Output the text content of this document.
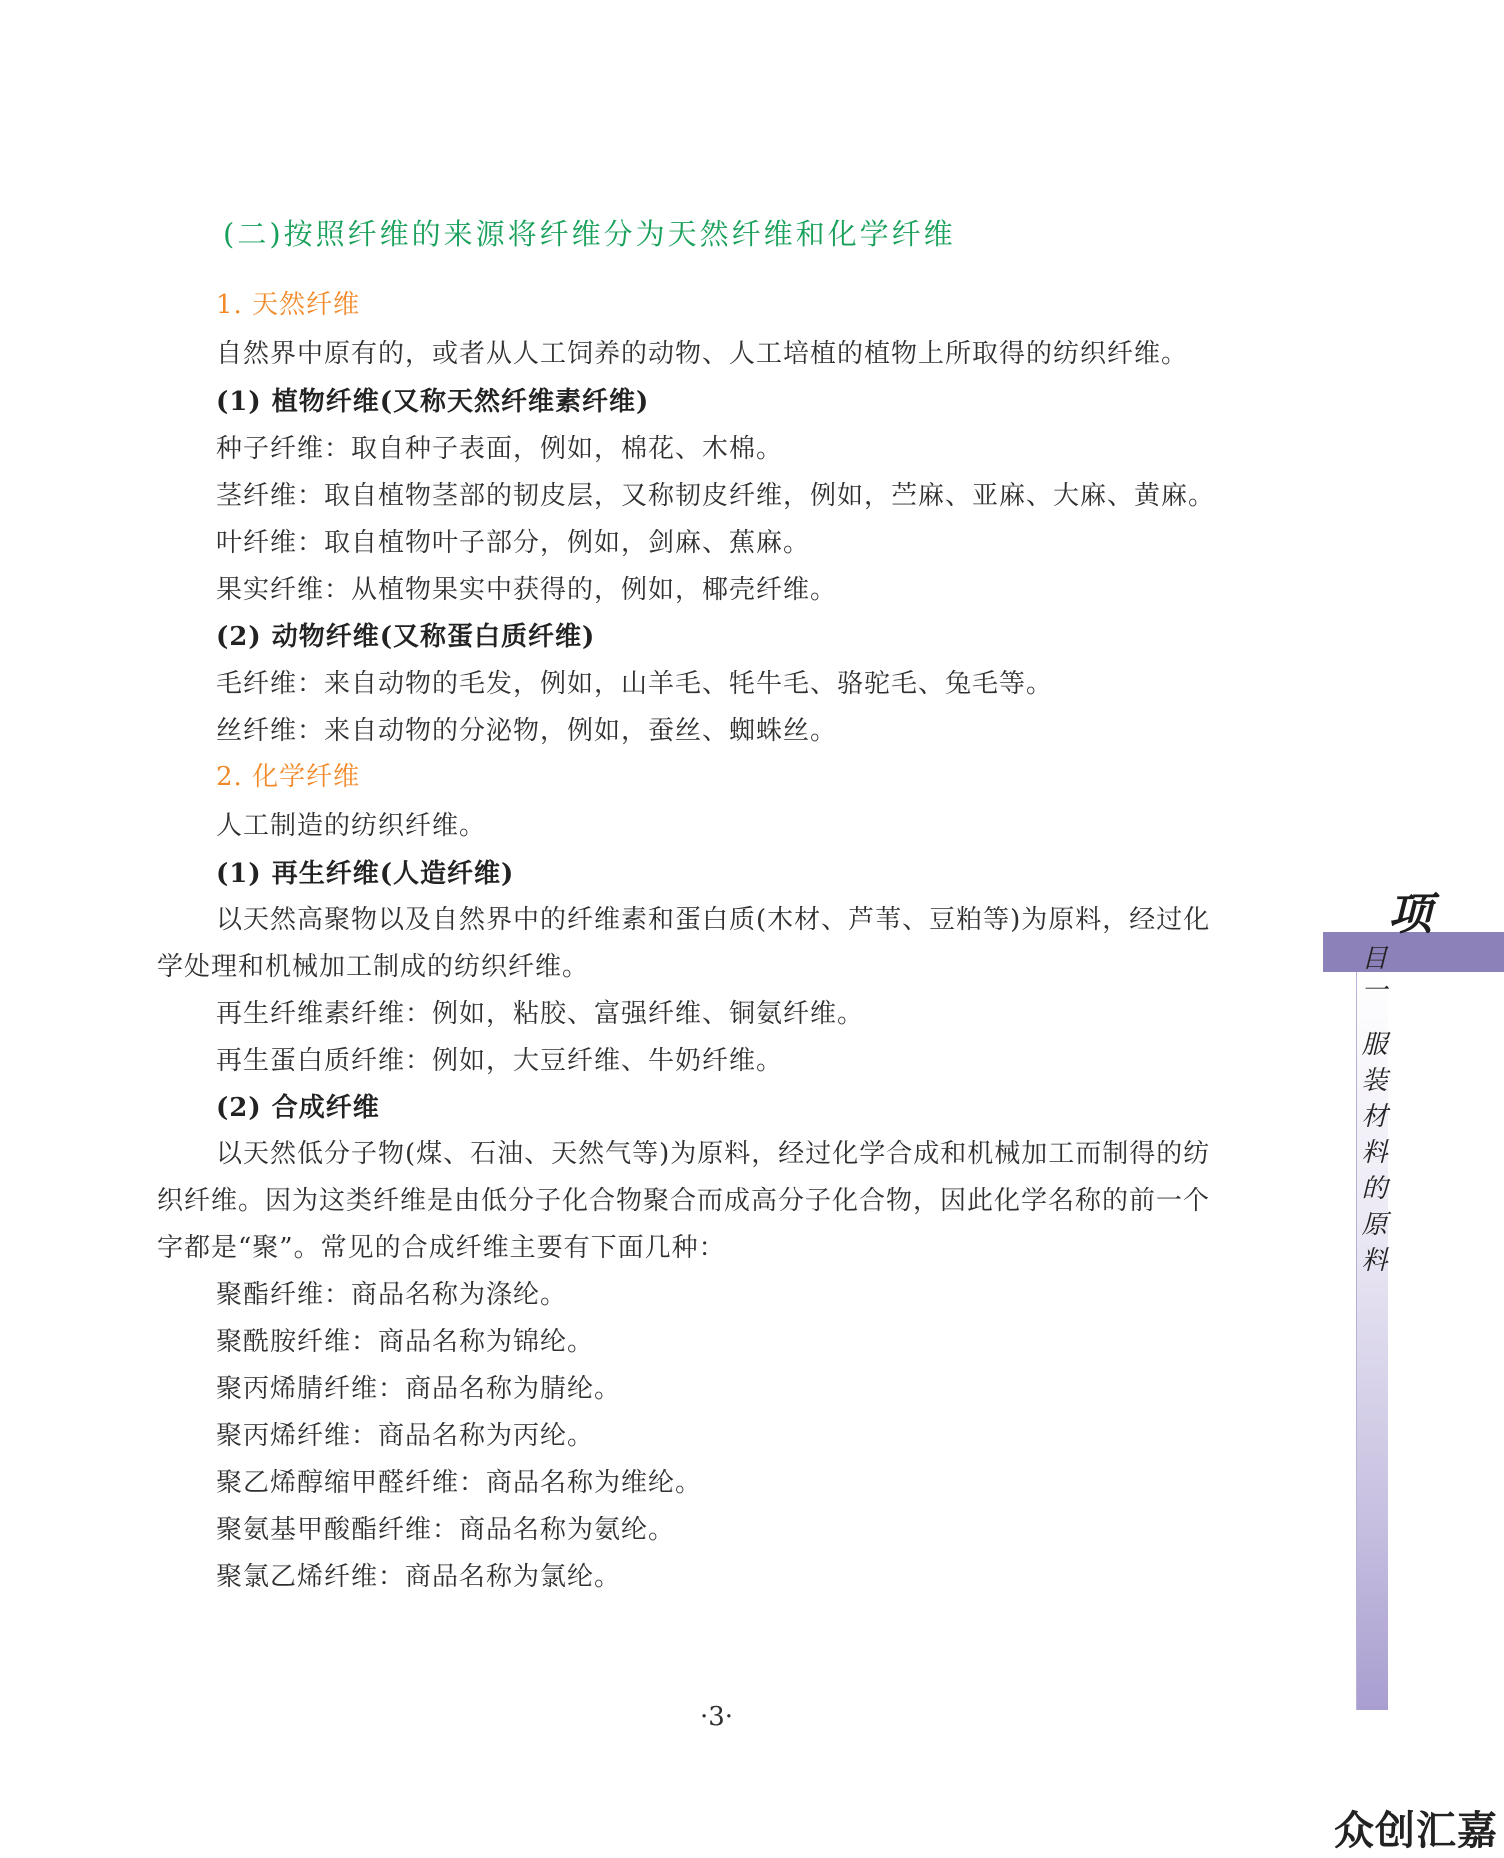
(二)按照纤维的来源将纤维分为天然纤维和化学纤维
1. 天然纤维
自然界中原有的，或者从人工饲养的动物、人工培植的植物上所取得的纺织纤维。
(1) 植物纤维(又称天然纤维素纤维)
种子纤维：取自种子表面，例如，棉花、木棉。
茎纤维：取自植物茎部的韧皮层，又称韧皮纤维，例如，苎麻、亚麻、大麻、黄麻。
叶纤维：取自植物叶子部分，例如，剑麻、蕉麻。
果实纤维：从植物果实中获得的，例如，椰壳纤维。
(2) 动物纤维(又称蛋白质纤维)
毛纤维：来自动物的毛发，例如，山羊毛、牦牛毛、骆驼毛、兔毛等。
丝纤维：来自动物的分泌物，例如，蚕丝、蜘蛛丝。
2. 化学纤维
人工制造的纺织纤维。
(1) 再生纤维(人造纤维)
以天然高聚物以及自然界中的纤维素和蛋白质(木材、芦苇、豆粕等)为原料，经过化
学处理和机械加工制成的纺织纤维。
再生纤维素纤维：例如，粘胶、富强纤维、铜氨纤维。
再生蛋白质纤维：例如，大豆纤维、牛奶纤维。
(2) 合成纤维
以天然低分子物(煤、石油、天然气等)为原料，经过化学合成和机械加工而制得的纺
织纤维。因为这类纤维是由低分子化合物聚合而成高分子化合物，因此化学名称的前一个
字都是“聚”。常见的合成纤维主要有下面几种：
聚酯纤维：商品名称为涤纶。
聚酰胺纤维：商品名称为锦纶。
聚丙烯腈纤维：商品名称为腈纶。
聚丙烯纤维：商品名称为丙纶。
聚乙烯醇缩甲醛纤维：商品名称为维纶。
聚氨基甲酸酯纤维：商品名称为氨纶。
聚氯乙烯纤维：商品名称为氯纶。
·3·
项
目一
服装材料的原料
众创汇嘉
